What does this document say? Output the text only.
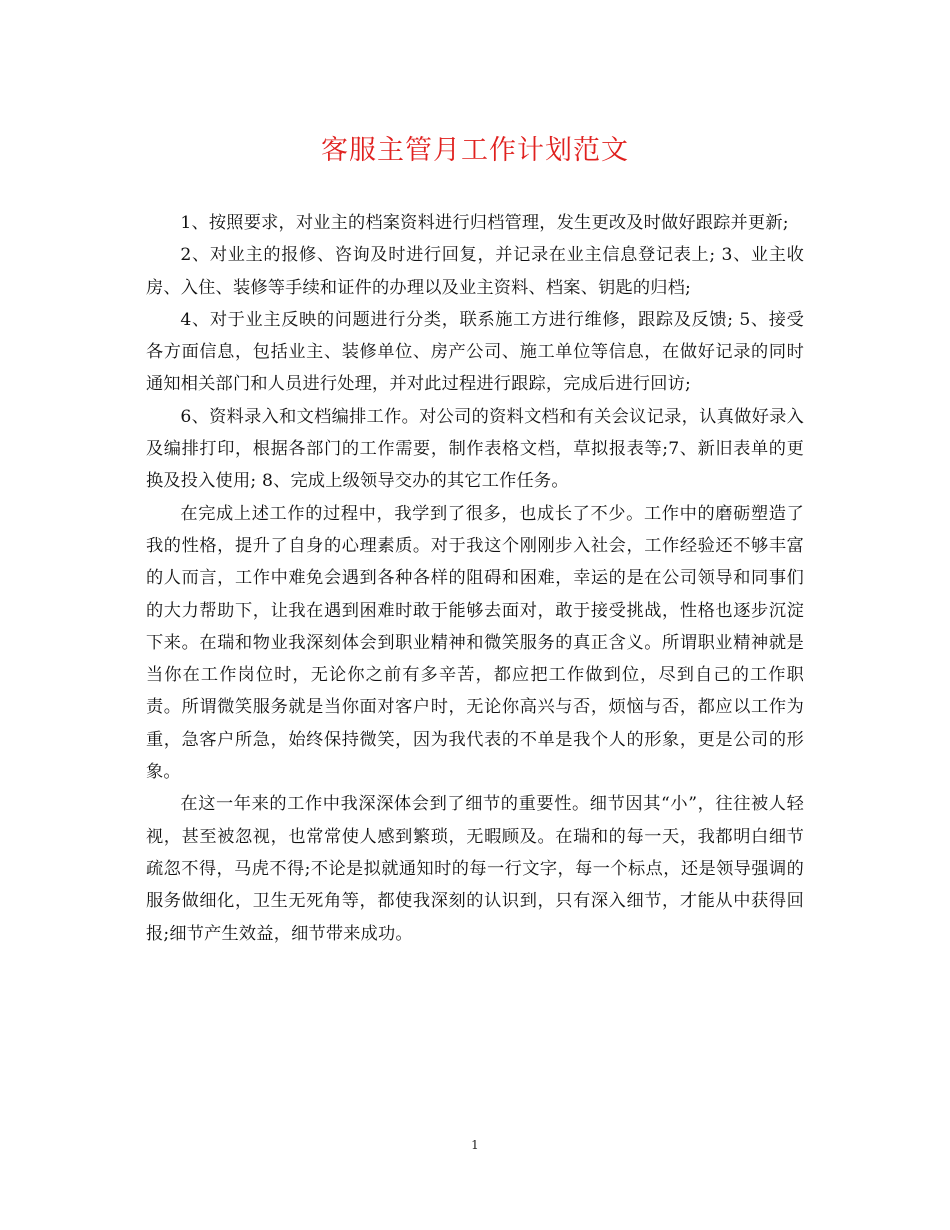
客服主管月工作计划范文

1、按照要求，对业主的档案资料进行归档管理，发生更改及时做好跟踪并更新;

2、对业主的报修、咨询及时进行回复，并记录在业主信息登记表上; 3、业主收房、入住、装修等手续和证件的办理以及业主资料、档案、钥匙的归档;

4、对于业主反映的问题进行分类，联系施工方进行维修，跟踪及反馈; 5、接受各方面信息，包括业主、装修单位、房产公司、施工单位等信息，在做好记录的同时通知相关部门和人员进行处理，并对此过程进行跟踪，完成后进行回访;

6、资料录入和文档编排工作。对公司的资料文档和有关会议记录，认真做好录入及编排打印，根据各部门的工作需要，制作表格文档，草拟报表等;7、新旧表单的更换及投入使用; 8、完成上级领导交办的其它工作任务。

在完成上述工作的过程中，我学到了很多，也成长了不少。工作中的磨砺塑造了我的性格，提升了自身的心理素质。对于我这个刚刚步入社会，工作经验还不够丰富的人而言，工作中难免会遇到各种各样的阻碍和困难，幸运的是在公司领导和同事们的大力帮助下，让我在遇到困难时敢于能够去面对，敢于接受挑战，性格也逐步沉淀下来。在瑞和物业我深刻体会到职业精神和微笑服务的真正含义。所谓职业精神就是当你在工作岗位时，无论你之前有多辛苦，都应把工作做到位，尽到自己的工作职责。所谓微笑服务就是当你面对客户时，无论你高兴与否，烦恼与否，都应以工作为重，急客户所急，始终保持微笑，因为我代表的不单是我个人的形象，更是公司的形象。

在这一年来的工作中我深深体会到了细节的重要性。细节因其“小”，往往被人轻视，甚至被忽视，也常常使人感到繁琐，无暇顾及。在瑞和的每一天，我都明白细节疏忽不得，马虎不得;不论是拟就通知时的每一行文字，每一个标点，还是领导强调的服务做细化，卫生无死角等，都使我深刻的认识到，只有深入细节，才能从中获得回报;细节产生效益，细节带来成功。

1
